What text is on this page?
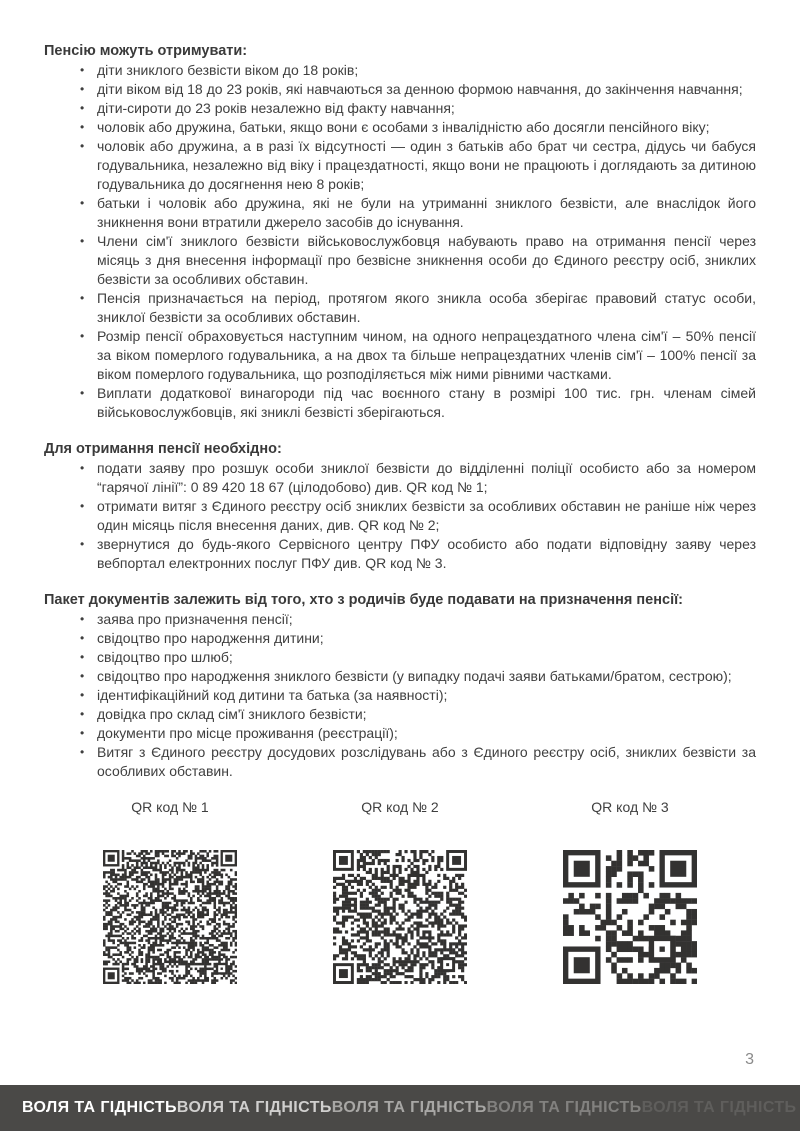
Пенсію можуть отримувати:
• діти зниклого безвісти віком до 18 років;
• діти віком від 18 до 23 років, які навчаються за денною формою навчання, до закінчення навчання;
• діти-сироти до 23 років незалежно від факту навчання;
• чоловік або дружина, батьки, якщо вони є особами з інвалідністю або досягли пенсійного віку;
• чоловік або дружина, а в разі їх відсутності — один з батьків або брат чи сестра, дідусь чи бабуся годувальника, незалежно від віку і працездатності, якщо вони не працюють і доглядають за дитиною годувальника до досягнення нею 8 років;
• батьки і чоловік або дружина, які не були на утриманні зниклого безвісти, але внаслідок його зникнення вони втратили джерело засобів до існування.
• Члени сім'ї зниклого безвісти військовослужбовця набувають право на отримання пенсії через місяць з дня внесення інформації про безвісне зникнення особи до Єдиного реєстру осіб, зниклих безвісти за особливих обставин.
• Пенсія призначається на період, протягом якого зникла особа зберігає правовий статус особи, зниклої безвісти за особливих обставин.
• Розмір пенсії обраховується наступним чином, на одного непрацездатного члена сім'ї – 50% пенсії за віком померлого годувальника, а на двох та більше непрацездатних членів сім'ї – 100% пенсії за віком померлого годувальника, що розподіляється між ними рівними частками.
• Виплати додаткової винагороди під час воєнного стану в розмірі 100 тис. грн. членам сімей військовослужбовців, які зниклі безвісті зберігаються.
Для отримання пенсії необхідно:
• подати заяву про розшук особи зниклої безвісти до відділенні поліції особисто або за номером “гарячої лінії”: 0 89 420 18 67 (цілодобово) див. QR код № 1;
• отримати витяг з Єдиного реєстру осіб зниклих безвісти за особливих обставин не раніше ніж через один місяць після внесення даних, див. QR код № 2;
• звернутися до будь-якого Сервісного центру ПФУ особисто або подати відповідну заяву через вебпортал електронних послуг ПФУ див. QR код № 3.
Пакет документів залежить від того, хто з родичів буде подавати на призначення пенсії:
• заява про призначення пенсії;
• свідоцтво про народження дитини;
• свідоцтво про шлюб;
• свідоцтво про народження зниклого безвісти (у випадку подачі заяви батьками/братом, сестрою);
• ідентифікаційний код дитини та батька (за наявності);
• довідка про склад сім'ї зниклого безвісти;
• документи про місце проживання (реєстрації);
• Витяг з Єдиного реєстру досудових розслідувань або з Єдиного реєстру осіб, зниклих безвісти за особливих обставин.
QR код № 1	QR код № 2	QR код № 3
3
ВОЛЯ ТА ГІДНІСТЬ ВОЛЯ ТА ГІДНІСТЬ ВОЛЯ ТА ГІДНІСТЬ ВОЛЯ ТА ГІДНІСТЬ ВОЛЯ ТА ГІДНІСТЬ
